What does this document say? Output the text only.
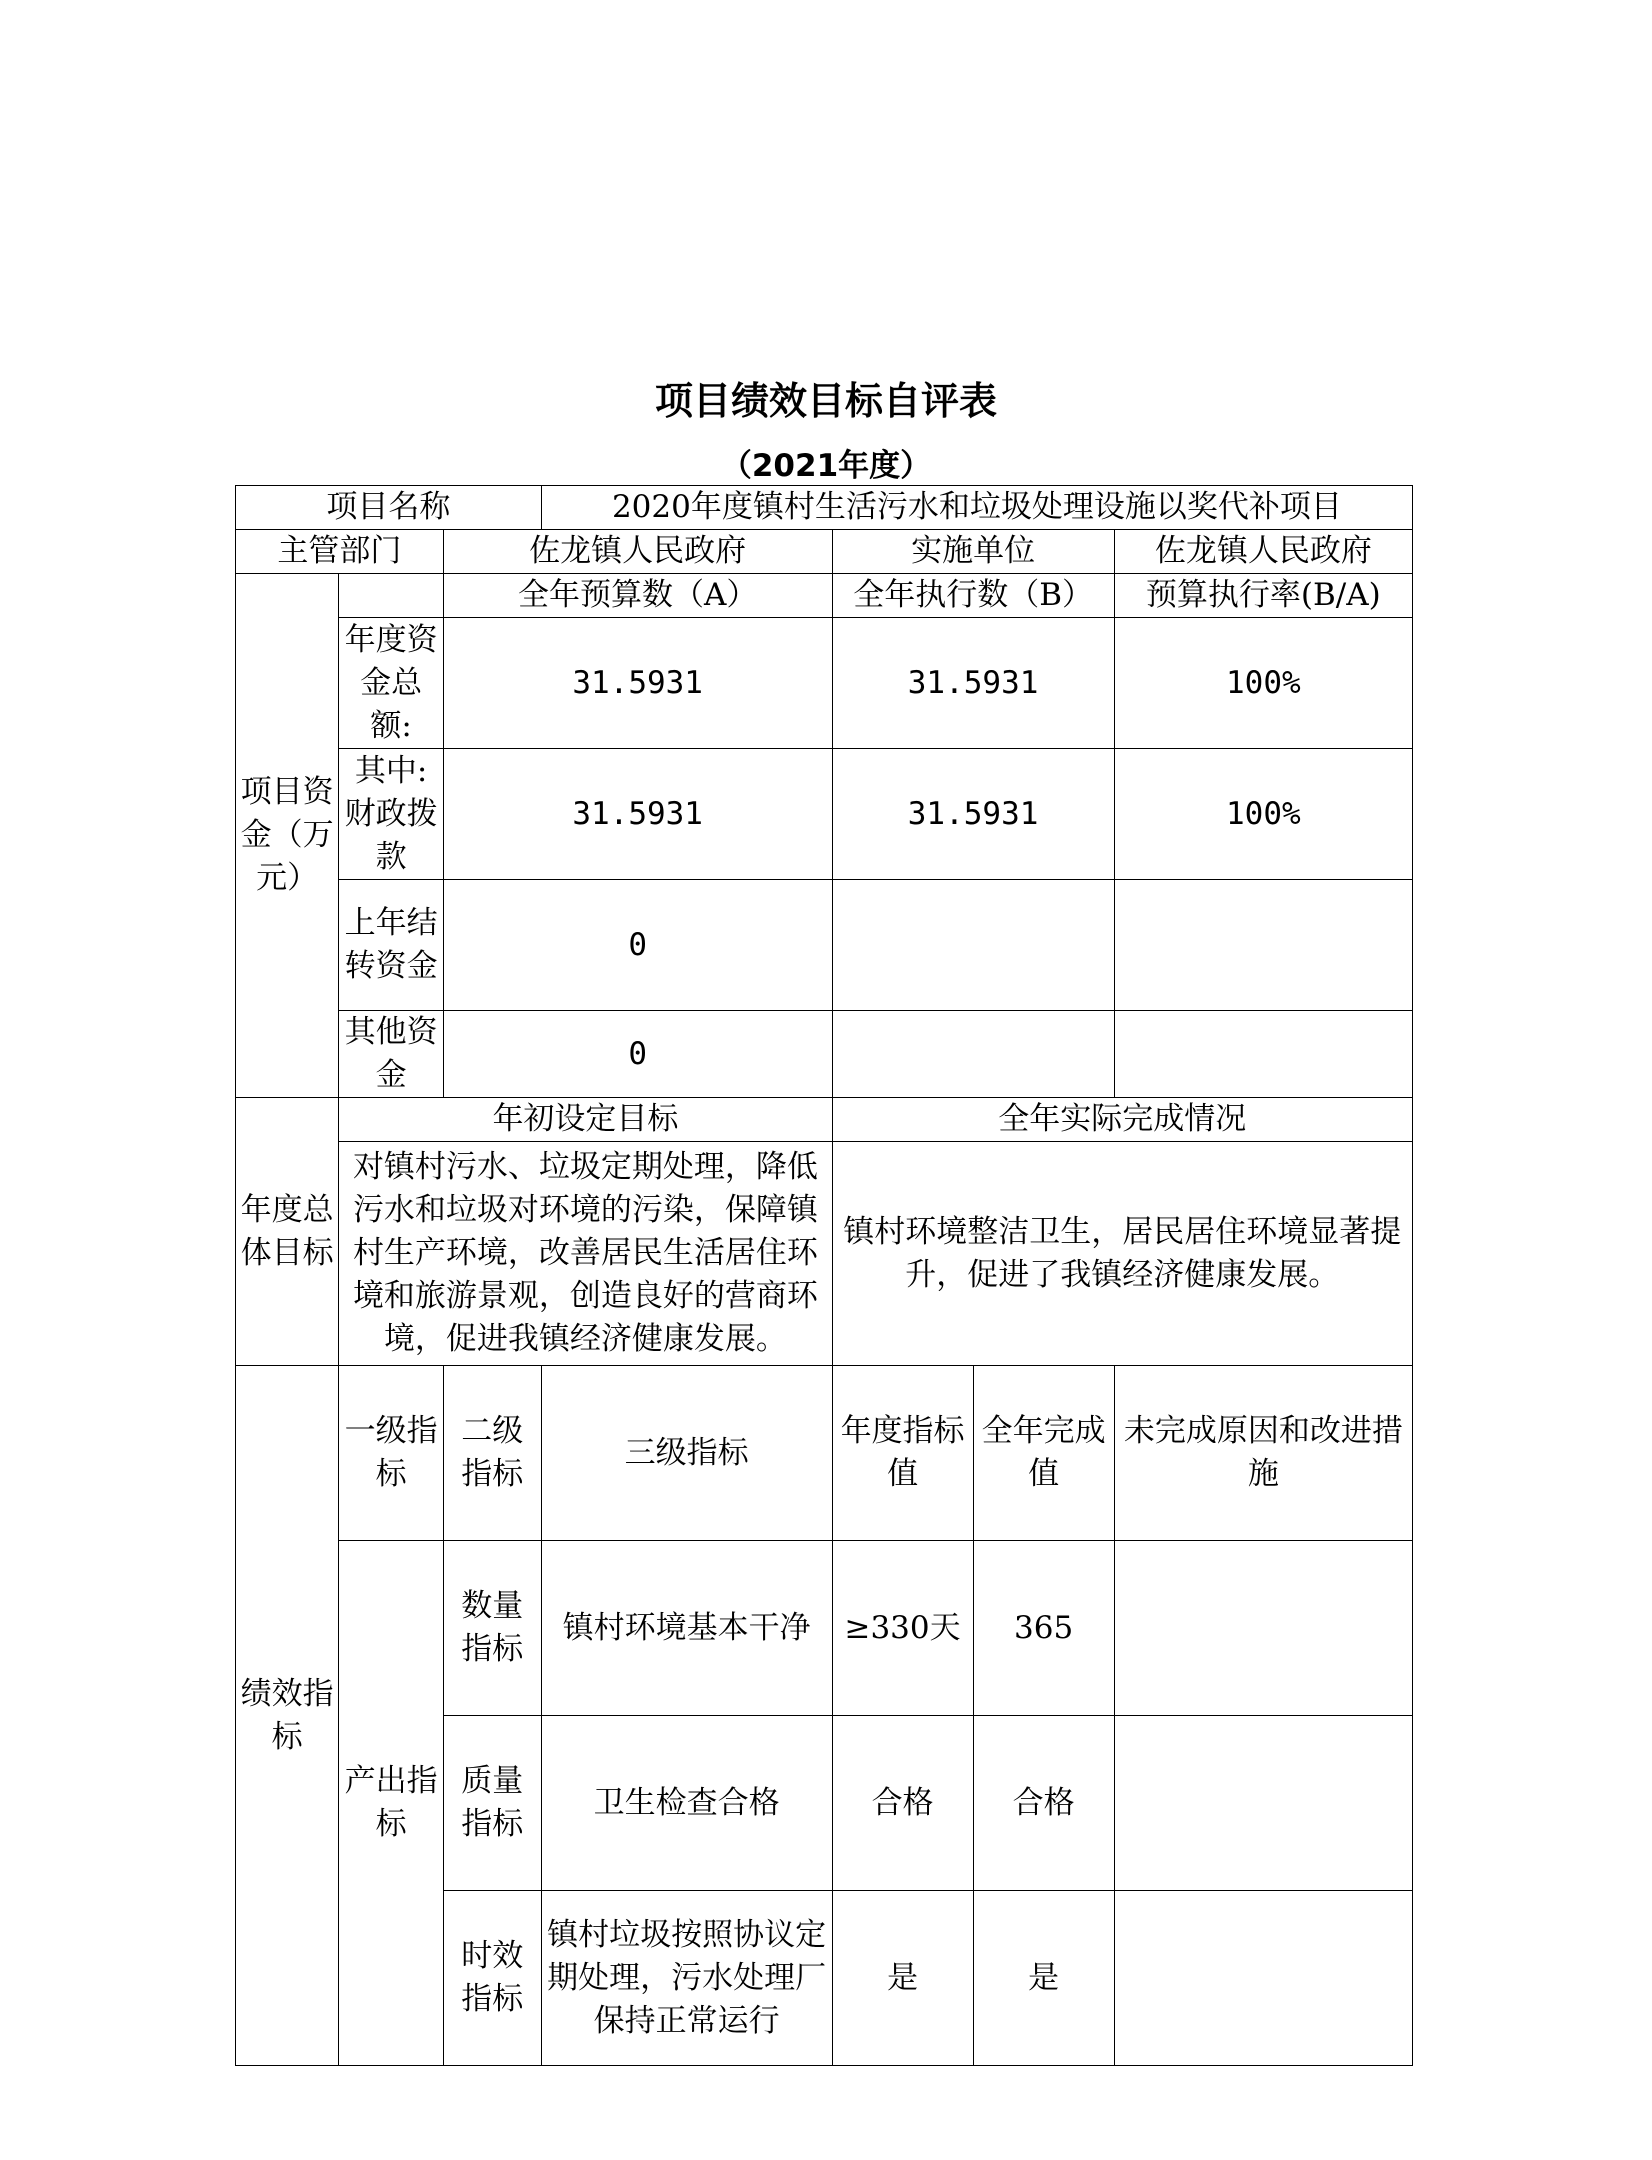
项目绩效目标自评表
（2021年度）
项目名称			2020年度镇村生活污水和垃圾处理设施以奖代补项目			
主管部门		佐龙镇人民政府		实施单位		佐龙镇人民政府
项目资金（万元）		全年预算数（A）		全年执行数（B）		预算执行率(B/A)
	年度资金总额:	31.5931		31.5931		100%
	其中:财政拨款	31.5931		31.5931		100%
	上年结转资金	0				
	其他资金	0				
年度总体目标	年初设定目标			全年实际完成情况		
	对镇村污水、垃圾定期处理，降低污水和垃圾对环境的污染，保障镇村生产环境，改善居民生活居住环境和旅游景观，创造良好的营商环境，促进我镇经济健康发展。			镇村环境整洁卫生，居民居住环境显著提升，促进了我镇经济健康发展。		
绩效指标	一级指标	二级指标	三级指标	年度指标值	全年完成值	未完成原因和改进措施
	产出指标	数量指标	镇村环境基本干净	≥330天	365	
		质量指标	卫生检查合格	合格	合格	
		时效指标	镇村垃圾按照协议定期处理，污水处理厂保持正常运行	是	是	
